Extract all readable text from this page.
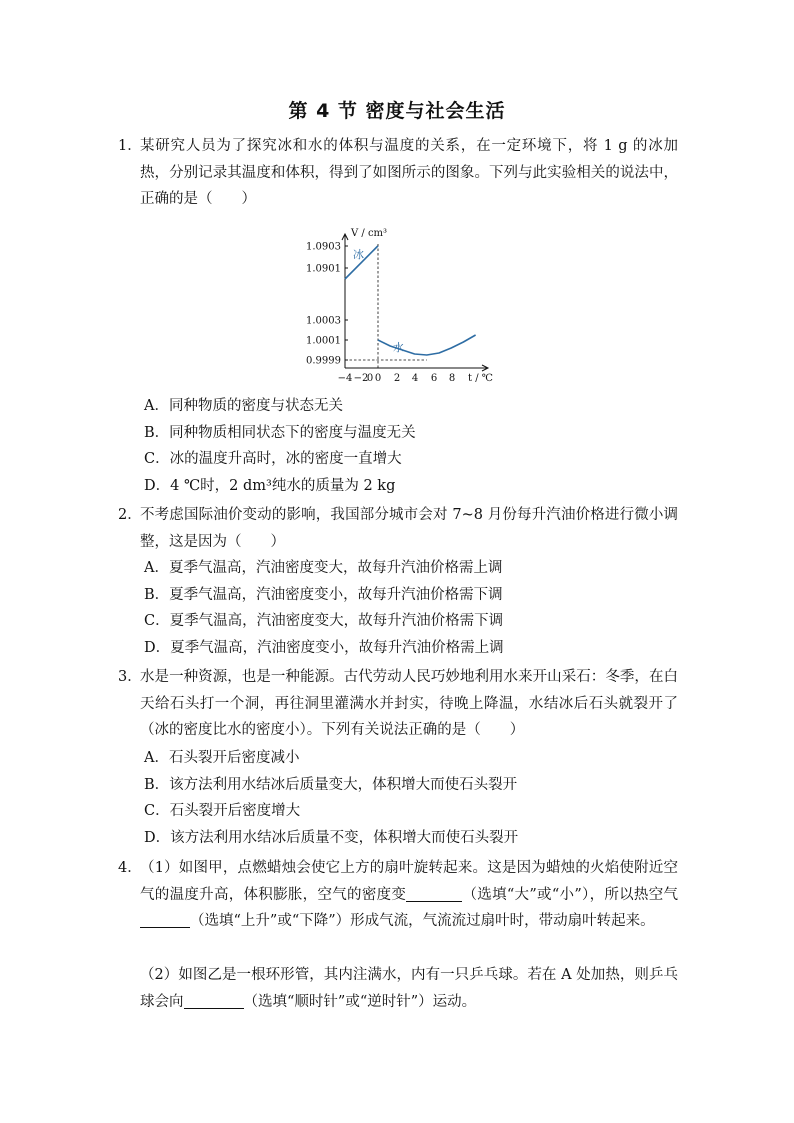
第 4 节 密度与社会生活
1．
某研究人员为了探究冰和水的体积与温度的关系，在一定环境下，将 1 g 的冰加热，分别记录其温度和体积，得到了如图所示的图象。下列与此实验相关的说法中，正确的是（　　）
1.0903
1.0901
1.0003
1.0001
0.9999
−4 −2
0 0 2 4 6 8
V / cm³
t / ℃
冰
水
A．同种物质的密度与状态无关
B．同种物质相同状态下的密度与温度无关
C．冰的温度升高时，冰的密度一直增大
D．4 ℃时，2 dm³纯水的质量为 2 kg
2．
不考虑国际油价变动的影响，我国部分城市会对 7~8 月份每升汽油价格进行微小调整，这是因为（　　）
A．夏季气温高，汽油密度变大，故每升汽油价格需上调
B．夏季气温高，汽油密度变小，故每升汽油价格需下调
C．夏季气温高，汽油密度变大，故每升汽油价格需下调
D．夏季气温高，汽油密度变小，故每升汽油价格需上调
3．
水是一种资源，也是一种能源。古代劳动人民巧妙地利用水来开山采石：冬季，在白天给石头打一个洞，再往洞里灌满水并封实，待晚上降温，水结冰后石头就裂开了（冰的密度比水的密度小）。下列有关说法正确的是（　　）
A．石头裂开后密度减小
B．该方法利用水结冰后质量变大，体积增大而使石头裂开
C．石头裂开后密度增大
D．该方法利用水结冰后质量不变，体积增大而使石头裂开
4．
（1）如图甲，点燃蜡烛会使它上方的扇叶旋转起来。这是因为蜡烛的火焰使附近空气的温度升高，体积膨胀，空气的密度变	（选填“大”或“小”），所以热空气（选填“上升”或“下降”）形成气流，气流流过扇叶时，带动扇叶转起来。
（2）如图乙是一根环形管，其内注满水，内有一只乒乓球。若在 A 处加热，则乒乓球会向	（选填“顺时针”或“逆时针”）运动。
